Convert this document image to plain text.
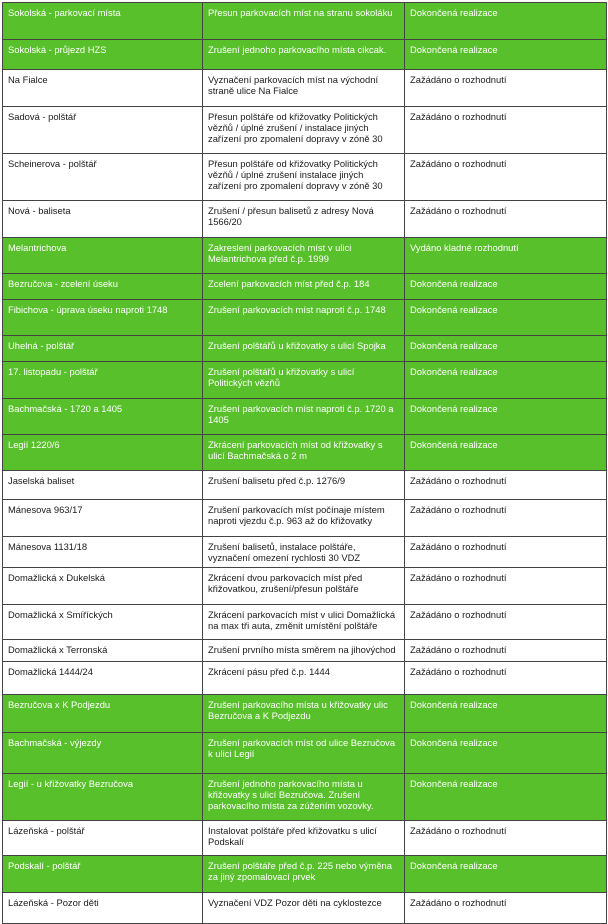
Sokolská - parkovací místa	Přesun parkovacích míst na stranu sokoláku	Dokončená realizace
Sokolská - průjezd HZS	Zrušení jednoho parkovacího místa cikcak.	Dokončená realizace
Na Fialce	Vyznačení parkovacích míst na východní straně ulice Na Fialce	Zažádáno o rozhodnutí
Sadová - polštář	Přesun polštáře od křižovatky Politických vězňů / úplné zrušení / instalace jiných zařízení pro zpomalení dopravy v zóně 30	Zažádáno o rozhodnutí
Scheinerova - polštář	Přesun polštáře od křižovatky Politických vězňů / úplné zrušení instalace jiných zařízení pro zpomalení dopravy v zóně 30	Zažádáno o rozhodnutí
Nová - baliseta	Zrušení / přesun balisetů z adresy Nová 1566/20	Zažádáno o rozhodnutí
Melantrichova	Zakreslení parkovacích míst v ulici Melantrichova před č.p. 1999	Vydáno kladné rozhodnutí
Bezručova - zcelení úseku	Zcelení parkovacích míst před č.p. 184	Dokončená realizace
Fibichova - úprava úseku naproti 1748	Zrušení parkovacích míst naproti č.p. 1748	Dokončená realizace
Uhelná - polštář	Zrušení polštářů u křižovatky s ulicí Spojka	Dokončená realizace
17. listopadu - polštář	Zrušení polštářů u křižovatky s ulicí Politických vězňů	Dokončená realizace
Bachmačská - 1720 a 1405	Zrušení parkovacích míst naproti č.p. 1720 a 1405	Dokončená realizace
Legií 1220/6	Zkrácení parkovacích míst od křižovatky s ulicí Bachmačská o 2 m	Dokončená realizace
Jaselská baliset	Zrušení balisetu před č.p. 1276/9	Zažádáno o rozhodnutí
Mánesova 963/17	Zrušení parkovacích míst počínaje místem naproti vjezdu č.p. 963 až do křižovatky	Zažádáno o rozhodnutí
Mánesova 1131/18	Zrušení balisetů, instalace polštáře, vyznačení omezení rychlosti 30 VDZ	Zažádáno o rozhodnutí
Domažlická x Dukelská	Zkrácení dvou parkovacích míst před křižovatkou, zrušení/přesun polštáře	Zažádáno o rozhodnutí
Domažlická x Smíříckých	Zkrácení parkovacích míst v ulici Domažlická na max tři auta, změnit umístění polštáře	Zažádáno o rozhodnutí
Domažlická x Terronská	Zrušení prvního místa směrem na jihovýchod	Zažádáno o rozhodnutí
Domažlická 1444/24	Zkrácení pásu před č.p. 1444	Zažádáno o rozhodnutí
Bezručova x K Podjezdu	Zrušení parkovacího místa u křižovatky ulic Bezručova a K Podjezdu	Dokončená realizace
Bachmačská - výjezdy	Zrušení parkovacích míst od ulice Bezručova k ulici Legií	Dokončená realizace
Legií - u křižovatky Bezručova	Zrušení jednoho parkovacího místa u křižovatky s ulicí Bezručova. Zrušení parkovacího místa za zúžením vozovky.	Dokončená realizace
Lázeňská - polštář	Instalovat polštáře před křižovatku s ulicí Podskalí	Zažádáno o rozhodnutí
Podskalí - polštář	Zrušení polštáře před č.p. 225 nebo výměna za jiný zpomalovací prvek	Dokončená realizace
Lázeňská - Pozor děti	Vyznačení VDZ Pozor děti na cyklostezce	Zažádáno o rozhodnutí
